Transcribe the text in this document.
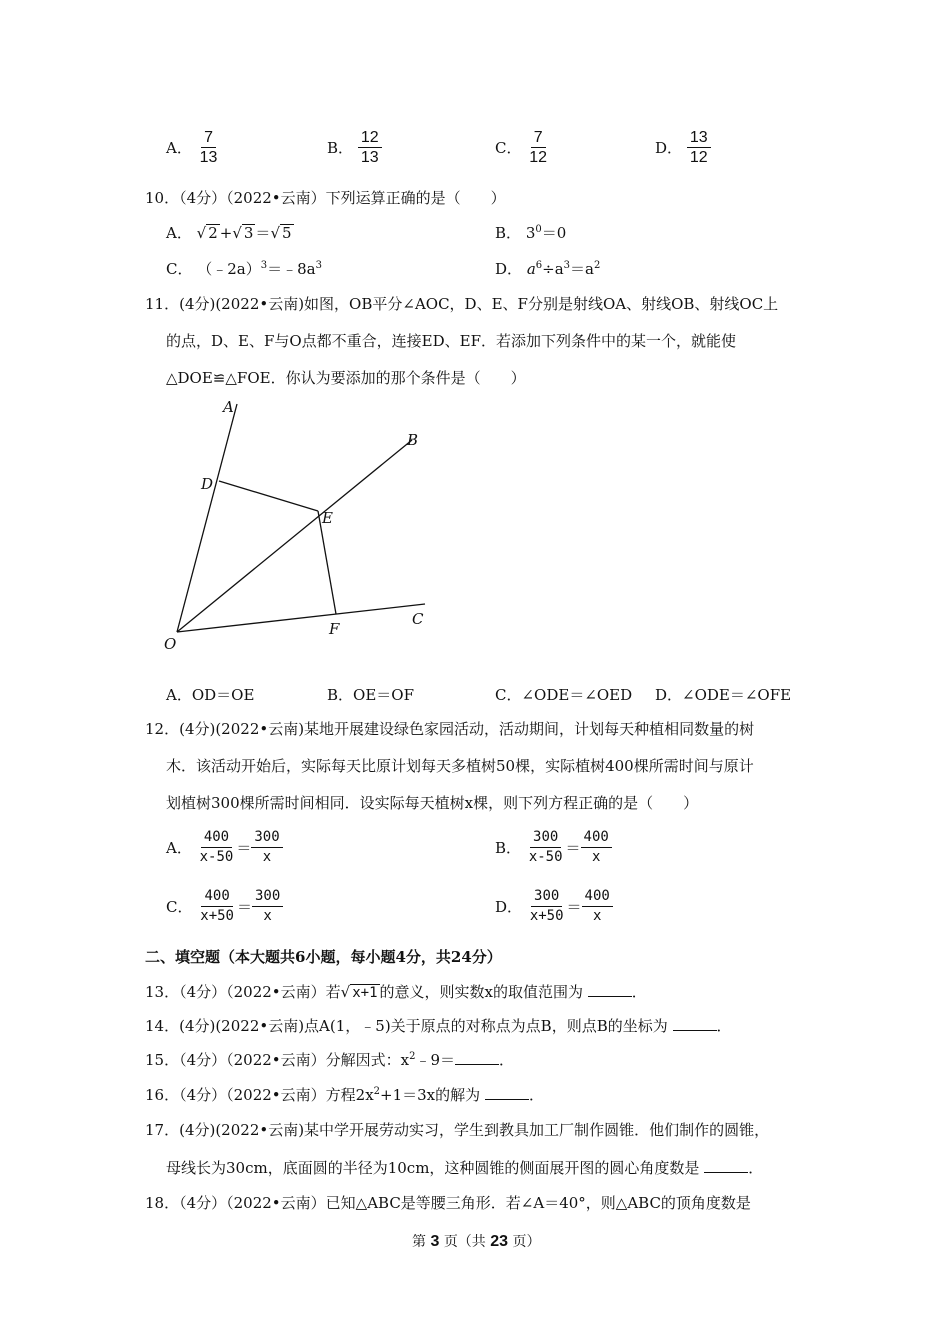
A． $\frac{7}{13}$	B． $\frac{12}{13}$	C． $\frac{7}{12}$	D． $\frac{13}{12}$
10．（4分）（2022•云南）下列运算正确的是（　　）
A． √ 2 +√ 3 ＝√ 5	B． $3^0=0$
C． $(﹣2a)^3=﹣8a^3$	D． $a^6\div a^3=a^2$
11．(4分)(2022•云南)如图，OB平分∠AOC，D、E、F分别是射线OA、射线OB、射线OC上
的点，D、E、F与O点都不重合，连接ED、EF．若添加下列条件中的某一个，就能使
△DOE≌△FOE．你认为要添加的那个条件是（　　）
A
B
C
D
E
F
O
A．OD＝OE	B．OE＝OF	C．∠ODE＝∠OED D．∠ODE＝∠OFE
12．(4分)(2022•云南)某地开展建设绿色家园活动，活动期间，计划每天种植相同数量的树
木．该活动开始后，实际每天比原计划每天多植树50棵，实际植树400棵所需时间与原计
划植树300棵所需时间相同．设实际每天植树x棵，则下列方程正确的是（　　）
A． $\frac{400}{x-50} = \frac{300}{x}$	B． $\frac{300}{x-50} = \frac{400}{x}$
C． $\frac{400}{x+50} = \frac{300}{x}$	D． $\frac{300}{x+50} = \frac{400}{x}$
二、填空题（本大题共6小题，每小题4分，共24分）
13．（4分）（2022•云南）若√ x+1 的意义，则实数x的取值范围为	．
14．(4分)(2022•云南)点A(1，﹣5)关于原点的对称点为点B，则点B的坐标为	．
15．（4分）（2022•云南）分解因式：$x^2﹣9=$	．
16．（4分）（2022•云南）方程$2x^2+1=3x$的解为	．
17．(4分)(2022•云南)某中学开展劳动实习，学生到教具加工厂制作圆锥．他们制作的圆锥，
母线长为30cm，底面圆的半径为10cm，这种圆锥的侧面展开图的圆心角度数是	．
18．（4分）（2022•云南）已知△ABC是等腰三角形．若∠A＝40°，则△ABC的顶角度数是
第 3 页（共 23 页）
